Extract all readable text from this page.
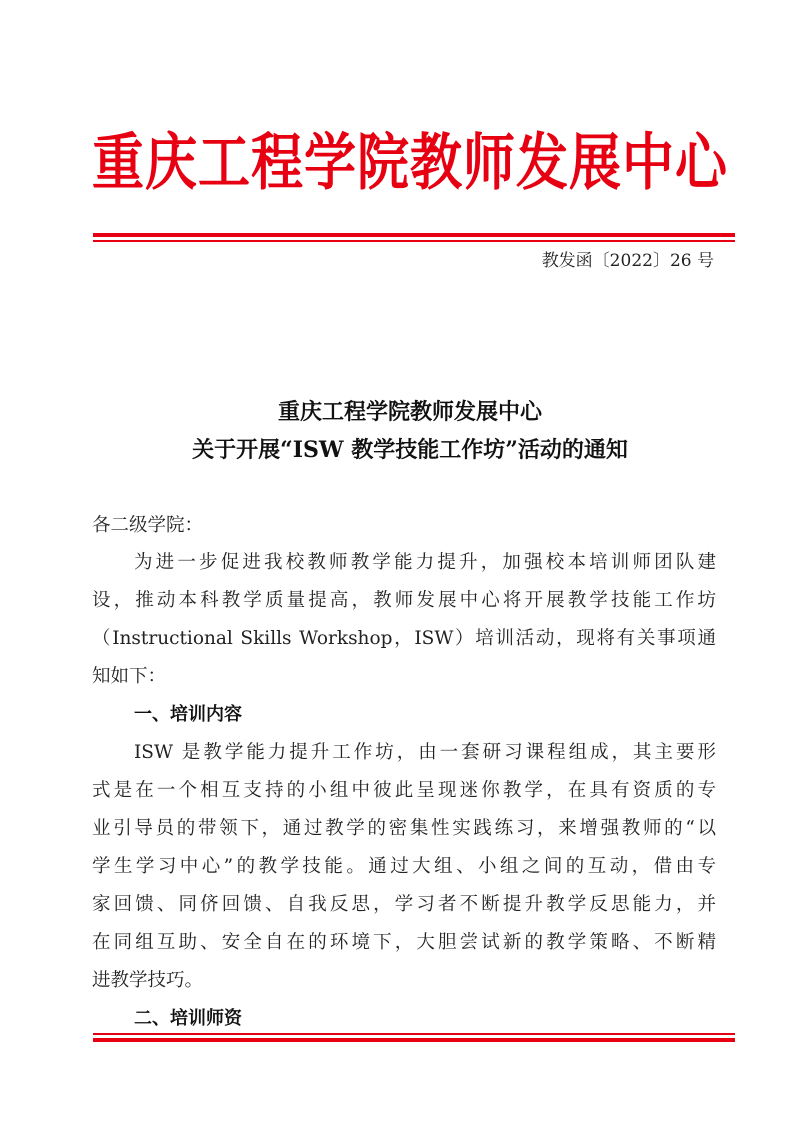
重庆工程学院教师发展中心
教发函〔2022〕26 号
重庆工程学院教师发展中心
关于开展“ISW 教学技能工作坊”活动的通知
各二级学院：
为进一步促进我校教师教学能力提升，加强校本培训师团队建
设，推动本科教学质量提高，教师发展中心将开展教学技能工作坊
（Instructional Skills Workshop，ISW）培训活动，现将有关事项通
知如下：
一、培训内容
ISW 是教学能力提升工作坊，由一套研习课程组成，其主要形
式是在一个相互支持的小组中彼此呈现迷你教学，在具有资质的专
业引导员的带领下，通过教学的密集性实践练习，来增强教师的“以
学生学习中心”的教学技能。通过大组、小组之间的互动，借由专
家回馈、同侪回馈、自我反思，学习者不断提升教学反思能力，并
在同组互助、安全自在的环境下，大胆尝试新的教学策略、不断精
进教学技巧。
二、培训师资
